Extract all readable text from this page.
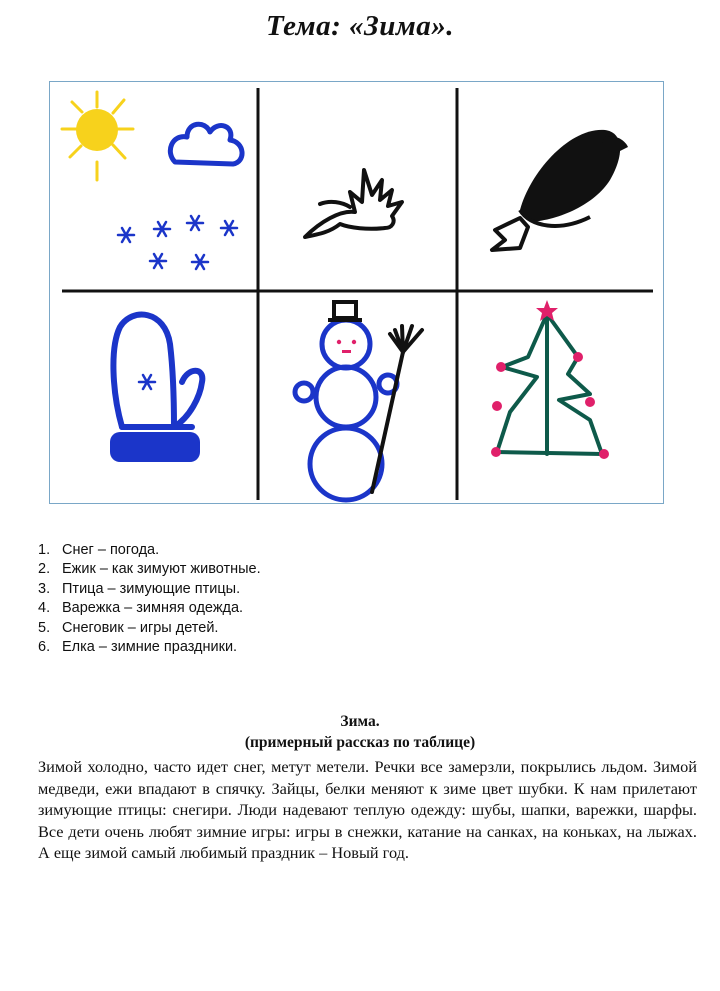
Тема: «Зима».
1. Снег – погода.
2. Ежик – как зимуют животные.
3. Птица – зимующие птицы.
4. Варежка – зимняя одежда.
5. Снеговик – игры детей.
6. Елка – зимние праздники.
Зима.
(примерный рассказ по таблице)
Зимой холодно, часто идет снег, метут метели. Речки все замерзли, покрылись льдом. Зимой медведи, ежи впадают в спячку. Зайцы, белки меняют к зиме цвет шубки. К нам прилетают зимующие птицы: снегири. Люди надевают теплую одежду: шубы, шапки, варежки, шарфы. Все дети очень любят зимние игры: игры в снежки, катание на санках, на коньках, на лыжах. А еще зимой самый любимый праздник – Новый год.
